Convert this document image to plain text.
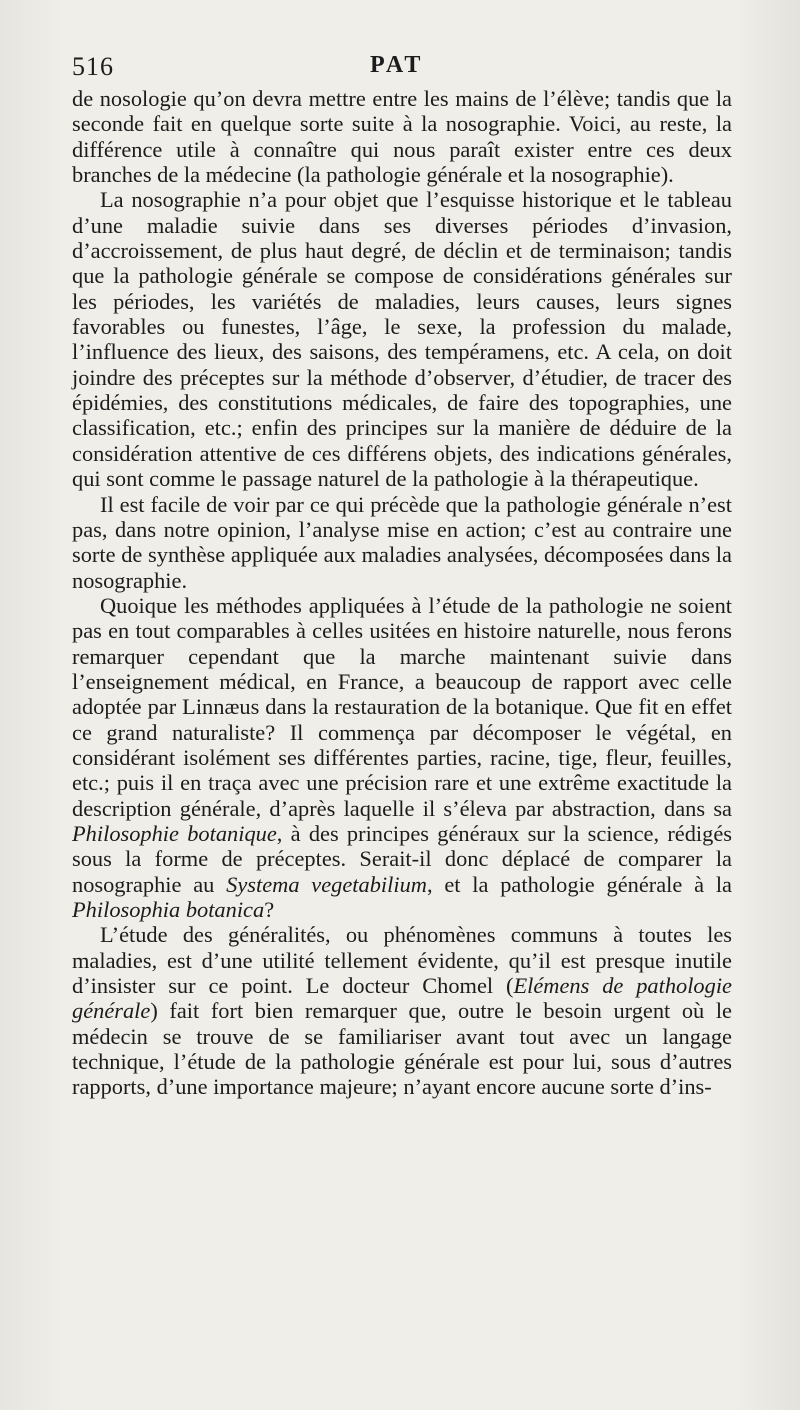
516	PAT

de nosologie qu’on devra mettre entre les mains de l’élève; tandis que la seconde fait en quelque sorte suite à la nosographie. Voici, au reste, la différence utile à connaître qui nous paraît exister entre ces deux branches de la médecine (la pathologie générale et la nosographie).

La nosographie n’a pour objet que l’esquisse historique et le tableau d’une maladie suivie dans ses diverses périodes d’invasion, d’accroissement, de plus haut degré, de déclin et de terminaison; tandis que la pathologie générale se compose de considérations générales sur les périodes, les variétés de maladies, leurs causes, leurs signes favorables ou funestes, l’âge, le sexe, la profession du malade, l’influence des lieux, des saisons, des tempéramens, etc. A cela, on doit joindre des préceptes sur la méthode d’observer, d’étudier, de tracer des épidémies, des constitutions médicales, de faire des topographies, une classification, etc.; enfin des principes sur la manière de déduire de la considération attentive de ces différens objets, des indications générales, qui sont comme le passage naturel de la pathologie à la thérapeutique.

Il est facile de voir par ce qui précède que la pathologie générale n’est pas, dans notre opinion, l’analyse mise en action; c’est au contraire une sorte de synthèse appliquée aux maladies analysées, décomposées dans la nosographie.

Quoique les méthodes appliquées à l’étude de la pathologie ne soient pas en tout comparables à celles usitées en histoire naturelle, nous ferons remarquer cependant que la marche maintenant suivie dans l’enseignement médical, en France, a beaucoup de rapport avec celle adoptée par Linnæus dans la restauration de la botanique. Que fit en effet ce grand naturaliste? Il commença par décomposer le végétal, en considérant isolément ses différentes parties, racine, tige, fleur, feuilles, etc.; puis il en traça avec une précision rare et une extrême exactitude la description générale, d’après laquelle il s’éleva par abstraction, dans sa Philosophie botanique, à des principes généraux sur la science, rédigés sous la forme de préceptes. Serait-il donc déplacé de comparer la nosographie au Systema vegetabilium, et la pathologie générale à la Philosophia botanica?

L’étude des généralités, ou phénomènes communs à toutes les maladies, est d’une utilité tellement évidente, qu’il est presque inutile d’insister sur ce point. Le docteur Chomel (Elémens de pathologie générale) fait fort bien remarquer que, outre le besoin urgent où le médecin se trouve de se familiariser avant tout avec un langage technique, l’étude de la pathologie générale est pour lui, sous d’autres rapports, d’une importance majeure; n’ayant encore aucune sorte d’ins-
